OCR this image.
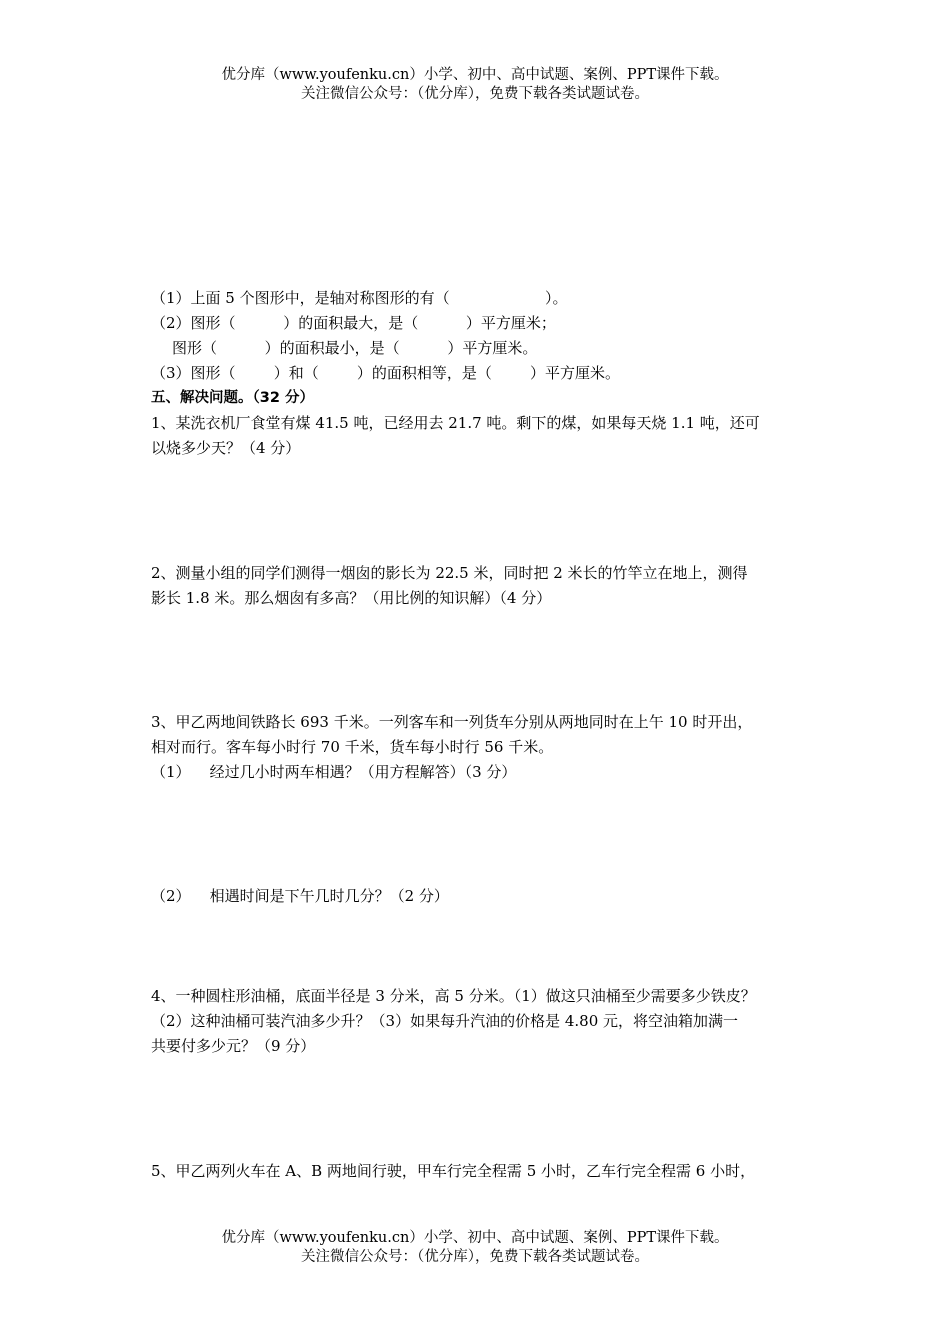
优分库（www.youfenku.cn）小学、初中、高中试题、案例、PPT课件下载。
关注微信公众号：（优分库），免费下载各类试题试卷。
（1）上面 5 个图形中，是轴对称图形的有（                    ）。
（2）图形（          ）的面积最大，是（          ）平方厘米；
图形（          ）的面积最小，是（          ）平方厘米。
（3）图形（        ）和（        ）的面积相等，是（        ）平方厘米。
五、解决问题。（32 分）
1、某洗衣机厂食堂有煤 41.5 吨，已经用去 21.7 吨。剩下的煤，如果每天烧 1.1 吨，还可
以烧多少天？（4 分）
2、测量小组的同学们测得一烟囱的影长为 22.5 米，同时把 2 米长的竹竿立在地上，测得
影长 1.8 米。那么烟囱有多高？（用比例的知识解）（4 分）
3、甲乙两地间铁路长 693 千米。一列客车和一列货车分别从两地同时在上午 10 时开出，
相对而行。客车每小时行 70 千米，货车每小时行 56 千米。
（1）    经过几小时两车相遇？（用方程解答）（3 分）
（2）    相遇时间是下午几时几分？（2 分）
4、一种圆柱形油桶，底面半径是 3 分米，高 5 分米。（1）做这只油桶至少需要多少铁皮？
（2）这种油桶可装汽油多少升？（3）如果每升汽油的价格是 4.80 元，将空油箱加满一
共要付多少元？（9 分）
5、甲乙两列火车在 A、B 两地间行驶，甲车行完全程需 5 小时，乙车行完全程需 6 小时，
优分库（www.youfenku.cn）小学、初中、高中试题、案例、PPT课件下载。
关注微信公众号：（优分库），免费下载各类试题试卷。
